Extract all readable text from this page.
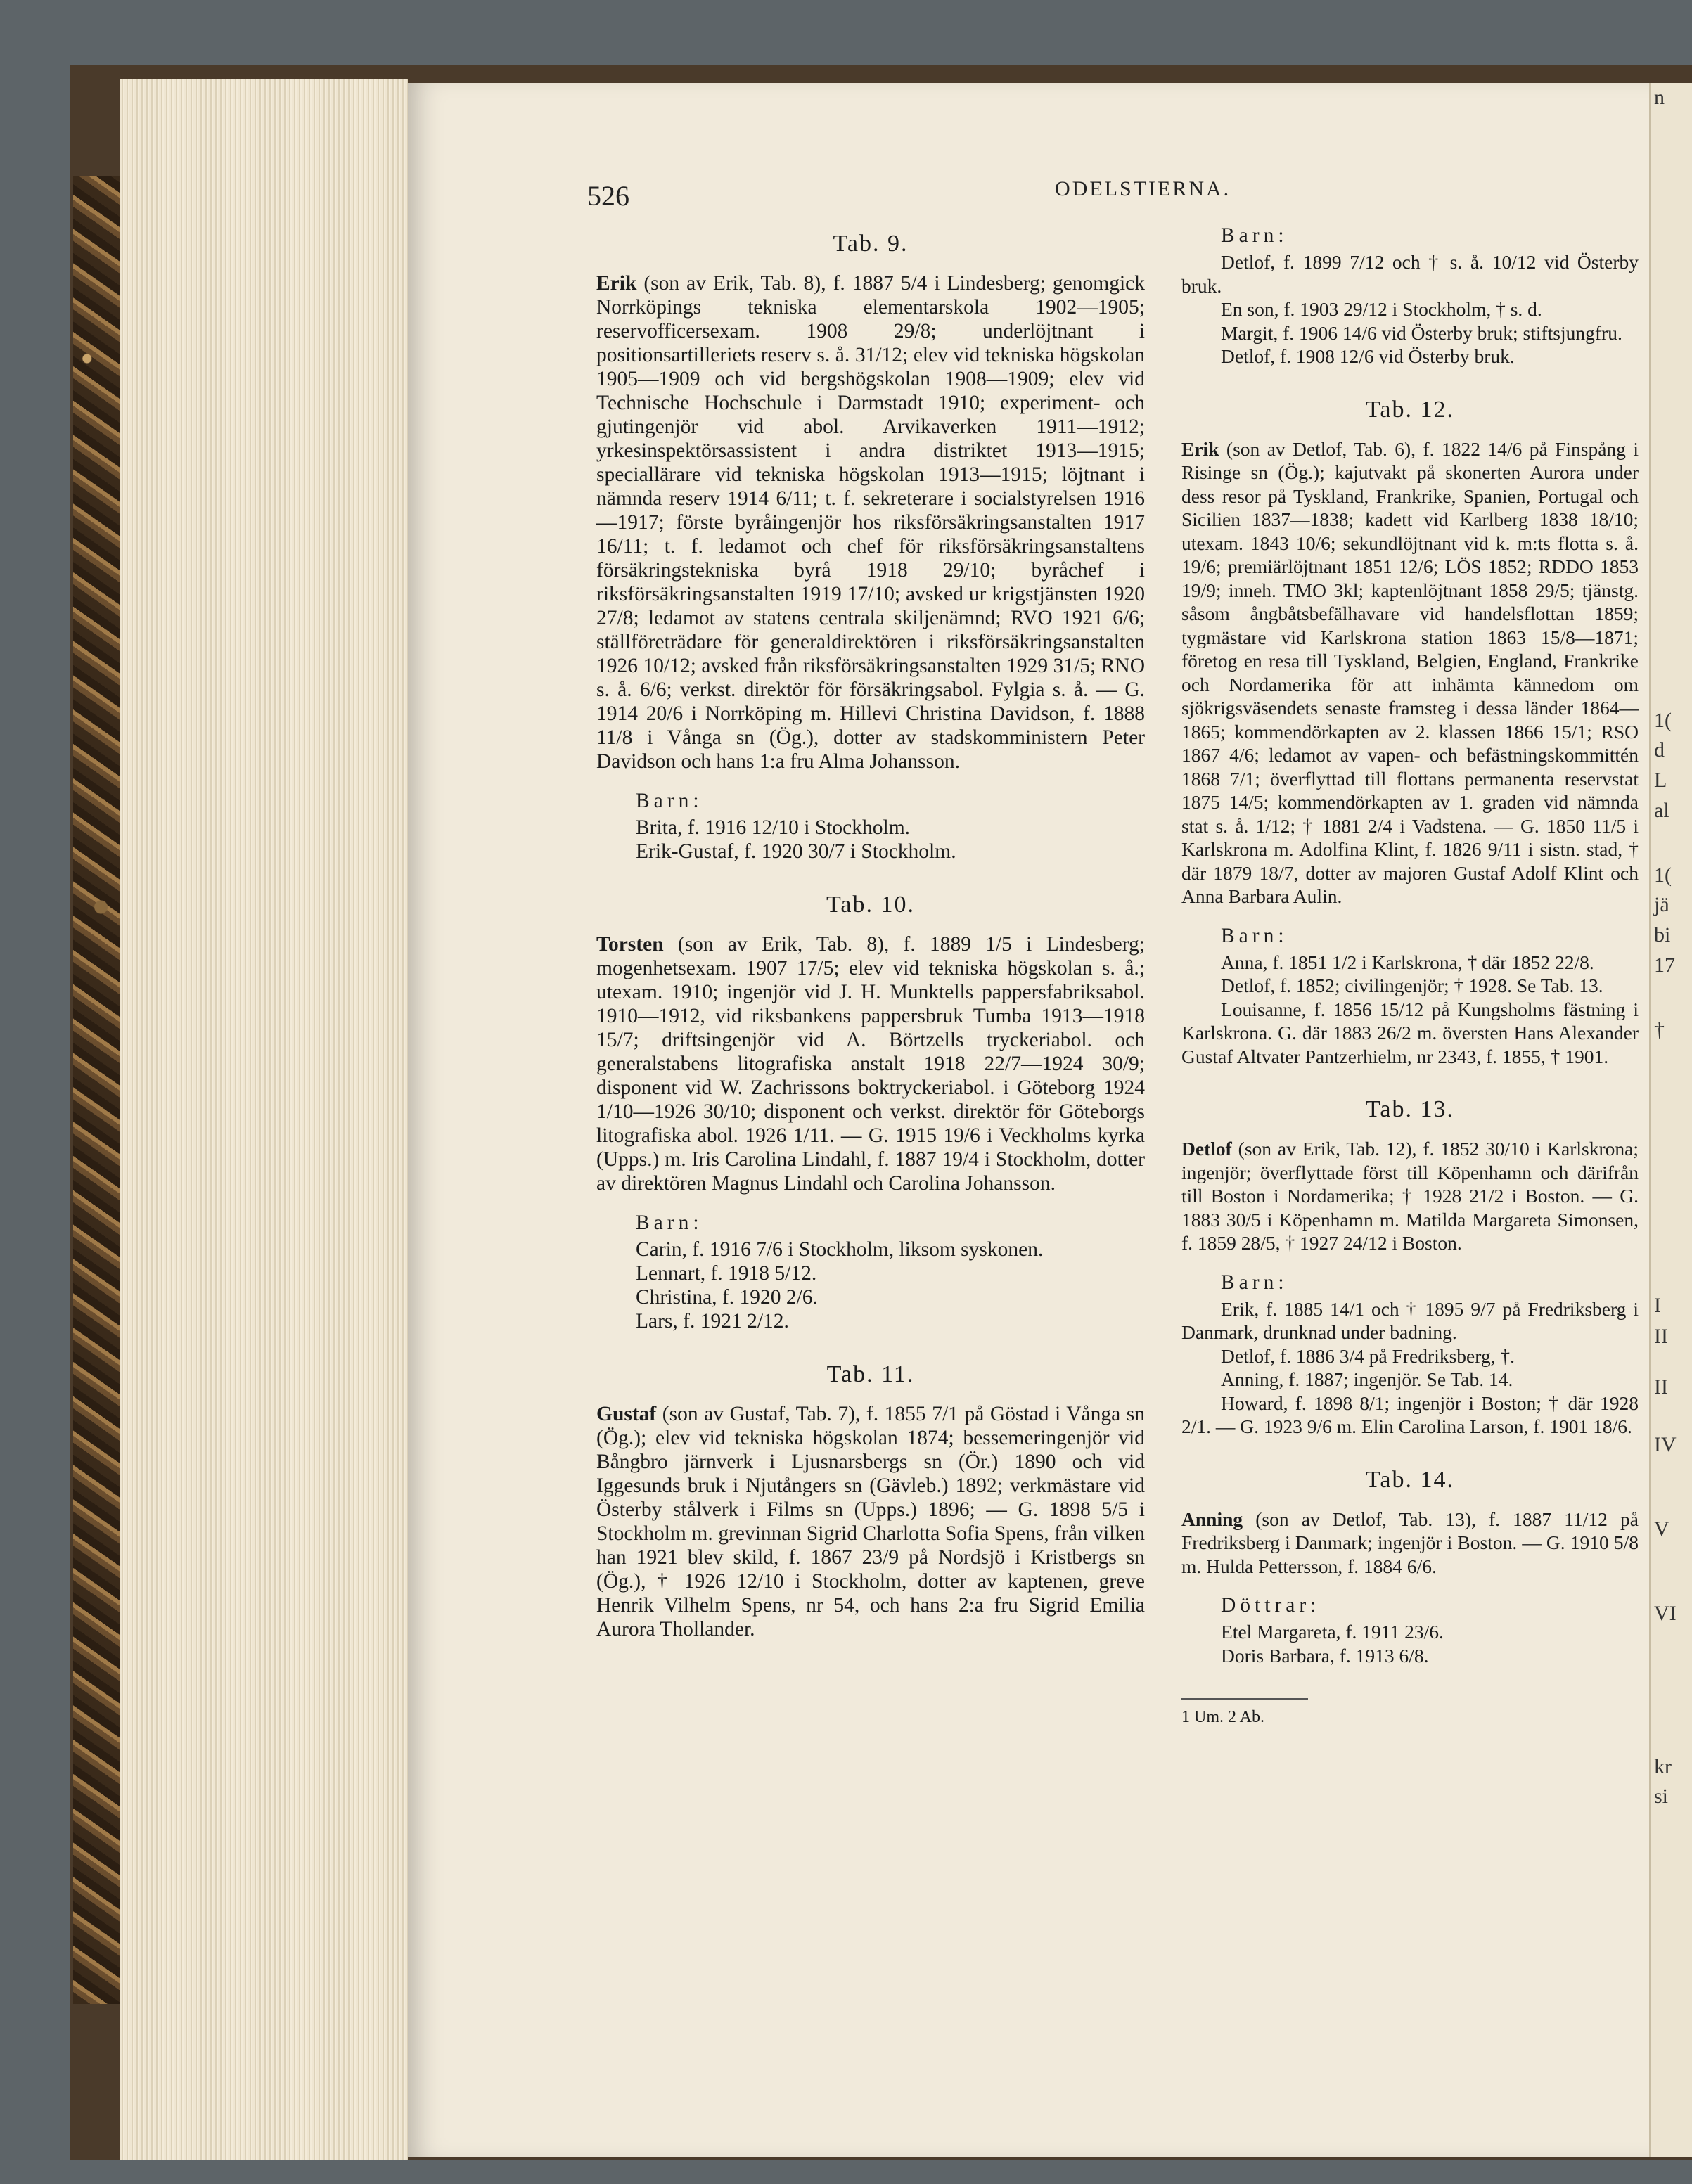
n
1(
d
L
al
1(
jä
bi
17
†
I
II
II
IV
V
VI
kr
si
526	ODELSTIERNA.
Tab. 9.

Erik (son av Erik, Tab. 8), f. 1887 5/4 i Lindesberg; genomgick Norrköpings tekniska elementarskola 1902—1905; reservofficersexam. 1908 29/8; underlöjtnant i positionsartilleriets reserv s. å. 31/12; elev vid tekniska högskolan 1905—1909 och vid bergshögskolan 1908—1909; elev vid Technische Hochschule i Darmstadt 1910; experiment- och gjutingenjör vid abol. Arvikaverken 1911—1912; yrkesinspektörsassistent i andra distriktet 1913—1915; speciallärare vid tekniska högskolan 1913—1915; löjtnant i nämnda reserv 1914 6/11; t. f. sekreterare i socialstyrelsen 1916—1917; förste byråingenjör hos riksförsäkringsanstalten 1917 16/11; t. f. ledamot och chef för riksförsäkringsanstaltens försäkringstekniska byrå 1918 29/10; byråchef i riksförsäkringsanstalten 1919 17/10; avsked ur krigstjänsten 1920 27/8; ledamot av statens centrala skiljenämnd; RVO 1921 6/6; ställföreträdare för generaldirektören i riksförsäkringsanstalten 1926 10/12; avsked från riksförsäkringsanstalten 1929 31/5; RNO s. å. 6/6; verkst. direktör för försäkringsabol. Fylgia s. å. — G. 1914 20/6 i Norrköping m. Hillevi Christina Davidson, f. 1888 11/8 i Vånga sn (Ög.), dotter av stadskomministern Peter Davidson och hans 1:a fru Alma Johansson.

Barn:
Brita, f. 1916 12/10 i Stockholm.
Erik-Gustaf, f. 1920 30/7 i Stockholm.
Tab. 10.

Torsten (son av Erik, Tab. 8), f. 1889 1/5 i Lindesberg; mogenhetsexam. 1907 17/5; elev vid tekniska högskolan s. å.; utexam. 1910; ingenjör vid J. H. Munktells pappersfabriksabol. 1910—1912, vid riksbankens pappersbruk Tumba 1913—1918 15/7; driftsingenjör vid A. Börtzells tryckeriabol. och generalstabens litografiska anstalt 1918 22/7—1924 30/9; disponent vid W. Zachrissons boktryckeriabol. i Göteborg 1924 1/10—1926 30/10; disponent och verkst. direktör för Göteborgs litografiska abol. 1926 1/11. — G. 1915 19/6 i Veckholms kyrka (Upps.) m. Iris Carolina Lindahl, f. 1887 19/4 i Stockholm, dotter av direktören Magnus Lindahl och Carolina Johansson.

Barn:
Carin, f. 1916 7/6 i Stockholm, liksom syskonen.
Lennart, f. 1918 5/12.
Christina, f. 1920 2/6.
Lars, f. 1921 2/12.
Tab. 11.

Gustaf (son av Gustaf, Tab. 7), f. 1855 7/1 på Göstad i Vånga sn (Ög.); elev vid tekniska högskolan 1874; bessemeringenjör vid Bångbro järnverk i Ljusnarsbergs sn (Ör.) 1890 och vid Iggesunds bruk i Njutångers sn (Gävleb.) 1892; verkmästare vid Österby stålverk i Films sn (Upps.) 1896; — G. 1898 5/5 i Stockholm m. grevinnan Sigrid Charlotta Sofia Spens, från vilken han 1921 blev skild, f. 1867 23/9 på Nordsjö i Kristbergs sn (Ög.), † 1926 12/10 i Stockholm, dotter av kaptenen, greve Henrik Vilhelm Spens, nr 54, och hans 2:a fru Sigrid Emilia Aurora Thollander.

Barn:
Detlof, f. 1899 7/12 och † s. å. 10/12 vid Österby bruk.
En son, f. 1903 29/12 i Stockholm, † s. d.
Margit, f. 1906 14/6 vid Österby bruk; stiftsjungfru.
Detlof, f. 1908 12/6 vid Österby bruk.
Tab. 12.

Erik (son av Detlof, Tab. 6), f. 1822 14/6 på Finspång i Risinge sn (Ög.); kajutvakt på skonerten Aurora under dess resor på Tyskland, Frankrike, Spanien, Portugal och Sicilien 1837—1838; kadett vid Karlberg 1838 18/10; utexam. 1843 10/6; sekundlöjtnant vid k. m:ts flotta s. å. 19/6; premiärlöjtnant 1851 12/6; LÖS 1852; RDDO 1853 19/9; inneh. TMO 3kl; kaptenlöjtnant 1858 29/5; tjänstg. såsom ångbåtsbefälhavare vid handelsflottan 1859; tygmästare vid Karlskrona station 1863 15/8—1871; företog en resa till Tyskland, Belgien, England, Frankrike och Nordamerika för att inhämta kännedom om sjökrigsväsendets senaste framsteg i dessa länder 1864—1865; kommendörkapten av 2. klassen 1866 15/1; RSO 1867 4/6; ledamot av vapen- och befästningskommittén 1868 7/1; överflyttad till flottans permanenta reservstat 1875 14/5; kommendörkapten av 1. graden vid nämnda stat s. å. 1/12; † 1881 2/4 i Vadstena. — G. 1850 11/5 i Karlskrona m. Adolfina Klint, f. 1826 9/11 i sistn. stad, † där 1879 18/7, dotter av majoren Gustaf Adolf Klint och Anna Barbara Aulin.

Barn:
Anna, f. 1851 1/2 i Karlskrona, † där 1852 22/8.
Detlof, f. 1852; civilingenjör; † 1928. Se Tab. 13.
Louisanne, f. 1856 15/12 på Kungsholms fästning i Karlskrona. G. där 1883 26/2 m. översten Hans Alexander Gustaf Altvater Pantzerhielm, nr 2343, f. 1855, † 1901.
Tab. 13.

Detlof (son av Erik, Tab. 12), f. 1852 30/10 i Karlskrona; ingenjör; överflyttade först till Köpenhamn och därifrån till Boston i Nordamerika; † 1928 21/2 i Boston. — G. 1883 30/5 i Köpenhamn m. Matilda Margareta Simonsen, f. 1859 28/5, † 1927 24/12 i Boston.

Barn:
Erik, f. 1885 14/1 och † 1895 9/7 på Fredriksberg i Danmark, drunknad under badning.
Detlof, f. 1886 3/4 på Fredriksberg, †.
Anning, f. 1887; ingenjör. Se Tab. 14.
Howard, f. 1898 8/1; ingenjör i Boston; † där 1928 2/1. — G. 1923 9/6 m. Elin Carolina Larson, f. 1901 18/6.
Tab. 14.

Anning (son av Detlof, Tab. 13), f. 1887 11/12 på Fredriksberg i Danmark; ingenjör i Boston. — G. 1910 5/8 m. Hulda Pettersson, f. 1884 6/6.

Döttrar:
Etel Margareta, f. 1911 23/6.
Doris Barbara, f. 1913 6/8.
1 Um. 2 Ab.
